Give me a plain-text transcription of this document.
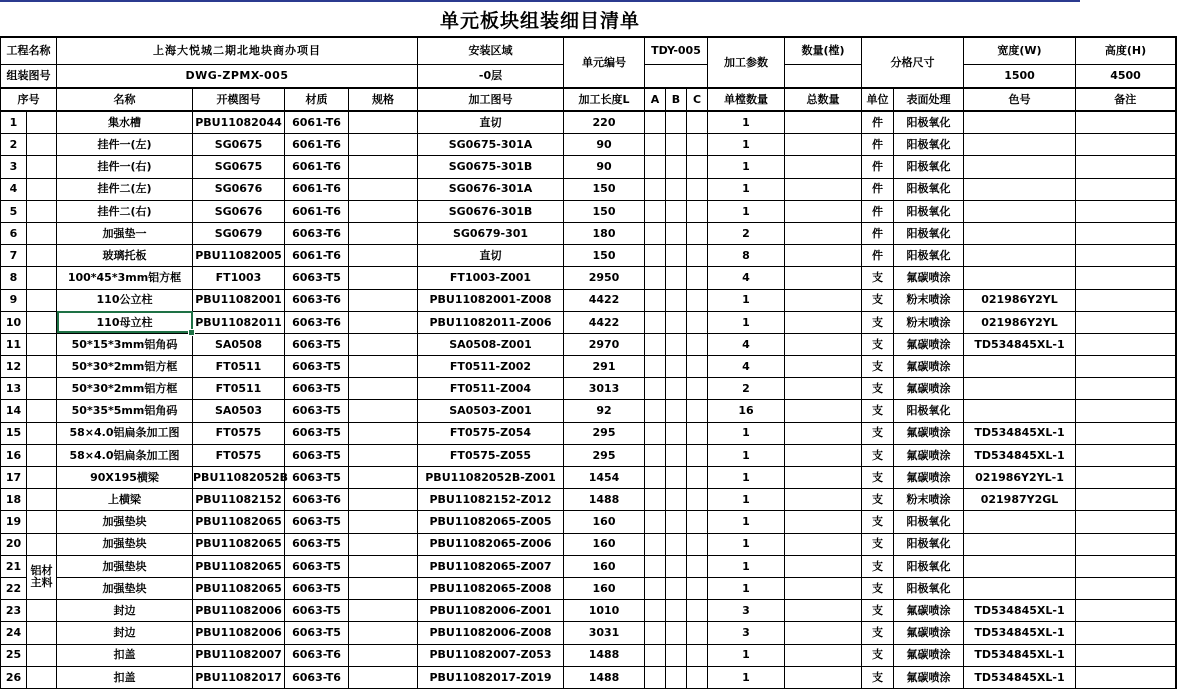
单元板块组装细目清单
工程名称		上海大悦城二期北地块商办项目				安装区域	单元编号	TDY-005			加工参数	数量(樘)	分格尺寸		宽度(W)	高度(H)	
组装图号		DWG-ZPMX-005				-0层									1500	4500	
序号		名称	开模图号	材质	规格	加工图号	加工长度L	A	B	C	单樘数量	总数量	单位	表面处理	色号	备注	
1		集水槽	PBU11082044	6061-T6		直切	220				1		件	阳极氧化			
2		挂件一(左)	SG0675	6061-T6		SG0675-301A	90				1		件	阳极氧化			
3		挂件一(右)	SG0675	6061-T6		SG0675-301B	90				1		件	阳极氧化			
4		挂件二(左)	SG0676	6061-T6		SG0676-301A	150				1		件	阳极氧化			
5		挂件二(右)	SG0676	6061-T6		SG0676-301B	150				1		件	阳极氧化			
6		加强垫一	SG0679	6063-T6		SG0679-301	180				2		件	阳极氧化			
7		玻璃托板	PBU11082005	6061-T6		直切	150				8		件	阳极氧化			
8		100*45*3mm铝方框	FT1003	6063-T5		FT1003-Z001	2950				4		支	氟碳喷涂			
9		110公立柱	PBU11082001	6063-T6		PBU11082001-Z008	4422				1		支	粉末喷涂	021986Y2YL		
10		110母立柱	PBU11082011	6063-T6		PBU11082011-Z006	4422				1		支	粉末喷涂	021986Y2YL		
11		50*15*3mm铝角码	SA0508	6063-T5		SA0508-Z001	2970				4		支	氟碳喷涂	TD534845XL-1		
12		50*30*2mm铝方框	FT0511	6063-T5		FT0511-Z002	291				4		支	氟碳喷涂			
13		50*30*2mm铝方框	FT0511	6063-T5		FT0511-Z004	3013				2		支	氟碳喷涂			
14		50*35*5mm铝角码	SA0503	6063-T5		SA0503-Z001	92				16		支	阳极氧化			
15		58×4.0铝扁条加工图	FT0575	6063-T5		FT0575-Z054	295				1		支	氟碳喷涂	TD534845XL-1		
16		58×4.0铝扁条加工图	FT0575	6063-T5		FT0575-Z055	295				1		支	氟碳喷涂	TD534845XL-1		
17		90X195横梁	PBU11082052B	6063-T5		PBU11082052B-Z001	1454				1		支	氟碳喷涂	021986Y2YL-1		
18		上横梁	PBU11082152	6063-T6		PBU11082152-Z012	1488				1		支	粉末喷涂	021987Y2GL		
19		加强垫块	PBU11082065	6063-T5		PBU11082065-Z005	160				1		支	阳极氧化			
20		加强垫块	PBU11082065	6063-T5		PBU11082065-Z006	160				1		支	阳极氧化			
21	铝材主料	加强垫块	PBU11082065	6063-T5		PBU11082065-Z007	160				1		支	阳极氧化			
22		加强垫块	PBU11082065	6063-T5		PBU11082065-Z008	160				1		支	阳极氧化			
23		封边	PBU11082006	6063-T5		PBU11082006-Z001	1010				3		支	氟碳喷涂	TD534845XL-1		
24		封边	PBU11082006	6063-T5		PBU11082006-Z008	3031				3		支	氟碳喷涂	TD534845XL-1		
25		扣盖	PBU11082007	6063-T6		PBU11082007-Z053	1488				1		支	氟碳喷涂	TD534845XL-1		
26		扣盖	PBU11082017	6063-T6		PBU11082017-Z019	1488				1		支	氟碳喷涂	TD534845XL-1		
